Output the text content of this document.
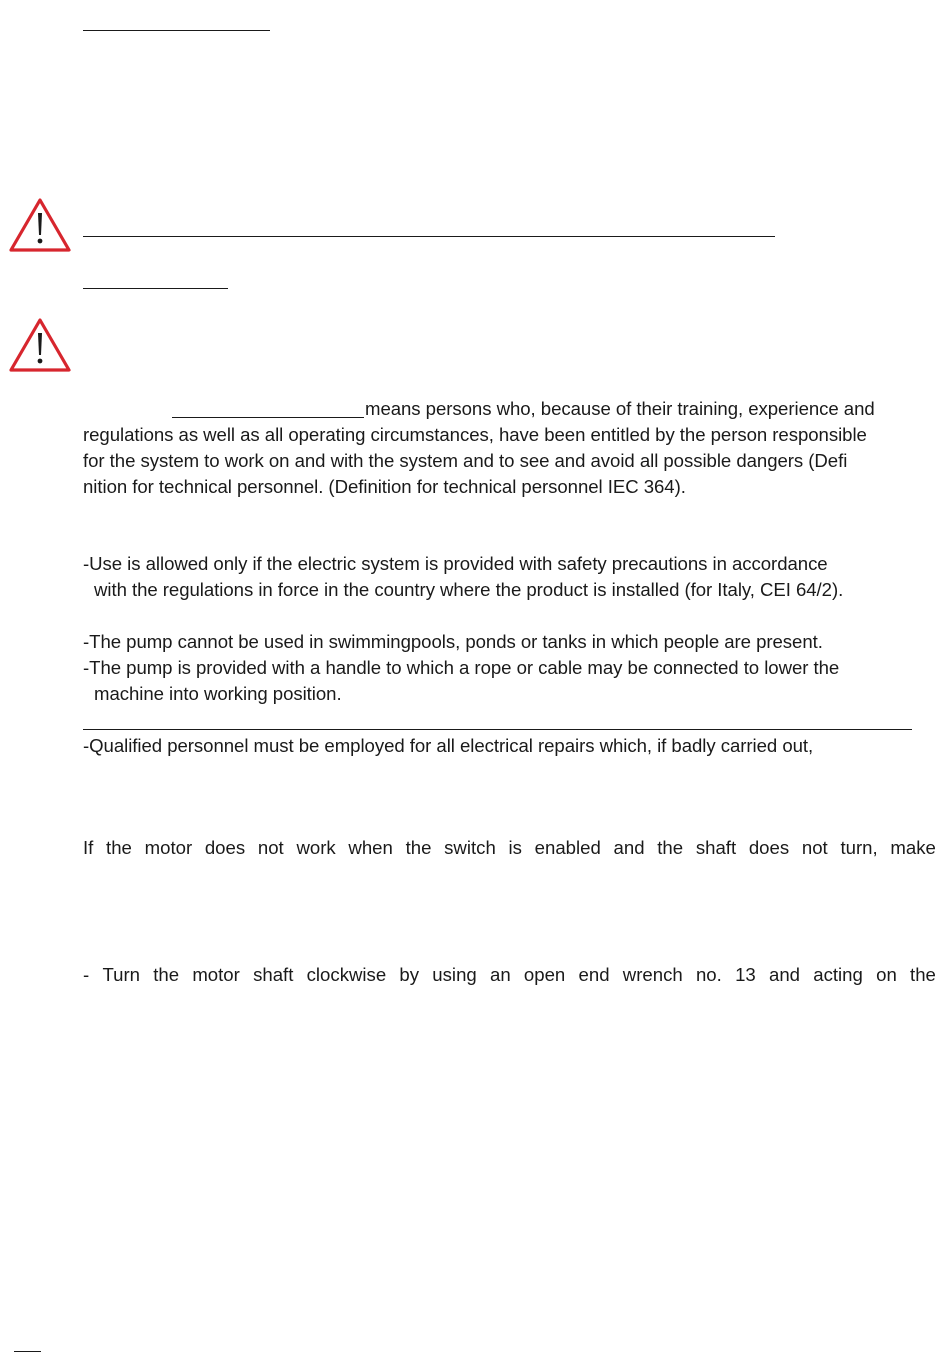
means persons who, because of their training, experience and
regulations as well as all operating circumstances, have been entitled by the person responsible
for the system to work on and with the system and to see and avoid all possible dangers (Defi
nition for technical personnel. (Definition for technical personnel IEC 364).
-Use is allowed only if the electric system is provided with safety precautions in accordance
with the regulations in force in the country where the product is installed (for Italy, CEI 64/2).
-The pump cannot be used in swimmingpools, ponds or tanks in which people are present.
-The pump is provided with a handle to which a rope or cable may be connected to lower the
machine into working position.
-Qualified personnel must be employed for all electrical repairs which, if badly carried out,
If the motor does not work when the switch is enabled and the shaft does not turn, make
- Turn the motor shaft clockwise by using an open end wrench no. 13 and acting on the
